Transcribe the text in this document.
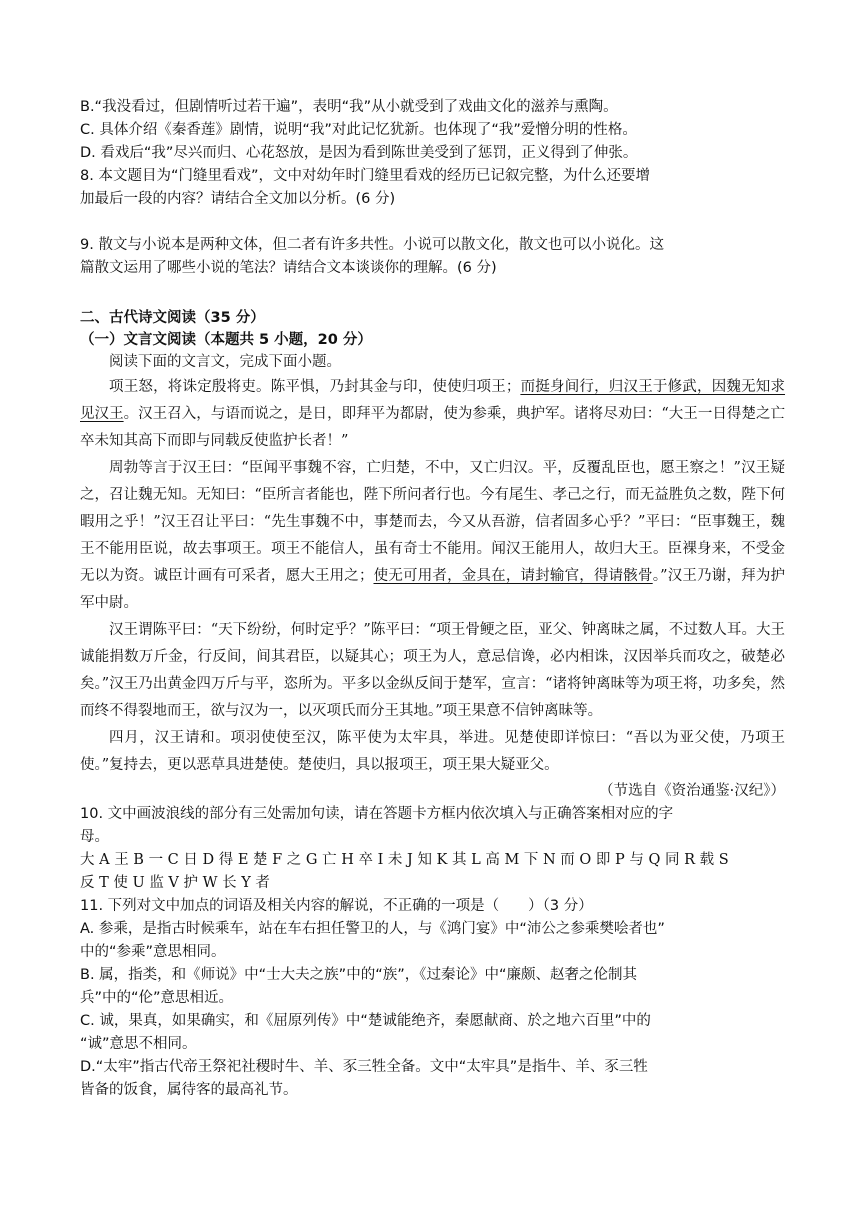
B.“我没看过，但剧情听过若干遍”，表明“我”从小就受到了戏曲文化的滋养与熏陶。

C. 具体介绍《秦香莲》剧情，说明“我”对此记忆犹新。也体现了“我”爱憎分明的性格。

D. 看戏后“我”尽兴而归、心花怒放，是因为看到陈世美受到了惩罚，正义得到了伸张。

8. 本文题目为“门缝里看戏”，文中对幼年时门缝里看戏的经历已记叙完整，为什么还要增

加最后一段的内容？请结合全文加以分析。(6 分)

9. 散文与小说本是两种文体，但二者有许多共性。小说可以散文化，散文也可以小说化。这

篇散文运用了哪些小说的笔法？请结合文本谈谈你的理解。(6 分)

二、古代诗文阅读（35 分）

（一）文言文阅读（本题共 5 小题，20 分）

阅读下面的文言文，完成下面小题。

项王怒，将诛定殷将吏。陈平惧，乃封其金与印，使使归项王；而挺身间行，归汉王于修武，因魏无知求见汉王。汉王召入，与语而说之，是日，即拜平为都尉，使为参乘，典护军。诸将尽劝曰：“大王一日得楚之亡卒未知其高下而即与同载反使监护长者！”

周勃等言于汉王曰：“臣闻平事魏不容，亡归楚，不中，又亡归汉。平，反覆乱臣也，愿王察之！”汉王疑之，召让魏无知。无知曰：“臣所言者能也，陛下所问者行也。今有尾生、孝己之行，而无益胜负之数，陛下何暇用之乎！”汉王召让平曰：“先生事魏不中，事楚而去，今又从吾游，信者固多心乎？”平曰：“臣事魏王，魏王不能用臣说，故去事项王。项王不能信人，虽有奇士不能用。闻汉王能用人，故归大王。臣裸身来，不受金无以为资。诚臣计画有可采者，愿大王用之；使无可用者，金具在，请封输官，得请骸骨。”汉王乃谢，拜为护军中尉。

汉王谓陈平曰：“天下纷纷，何时定乎？”陈平曰：“项王骨鲠之臣，亚父、钟离昧之属，不过数人耳。大王诚能捐数万斤金，行反间，间其君臣，以疑其心；项王为人，意忌信谗，必内相诛，汉因举兵而攻之，破楚必矣。”汉王乃出黄金四万斤与平，恣所为。平多以金纵反间于楚军，宣言：“诸将钟离昧等为项王将，功多矣，然而终不得裂地而王，欲与汉为一，以灭项氏而分王其地。”项王果意不信钟离昧等。

四月，汉王请和。项羽使使至汉，陈平使为太牢具，举进。见楚使即详惊曰：“吾以为亚父使，乃项王使。”复持去，更以恶草具进楚使。楚使归，具以报项王，项王果大疑亚父。

（节选自《资治通鉴·汉纪》）

10. 文中画波浪线的部分有三处需加句读，请在答题卡方框内依次填入与正确答案相对应的字

母。

大 A 王 B 一 C 日 D 得 E 楚 F 之 G 亡 H 卒 I 未 J 知 K 其 L 高 M 下 N 而 O 即 P 与 Q 同 R 载 S

反 T 使 U 监 V 护 W 长 Y 者

11. 下列对文中加点的词语及相关内容的解说，不正确的一项是（　　）（3 分）

A. 参乘，是指古时候乘车，站在车右担任警卫的人，与《鸿门宴》中“沛公之参乘樊哙者也”

中的“参乘”意思相同。

B. 属，指类，和《师说》中“士大夫之族”中的“族”，《过秦论》中“廉颇、赵奢之伦制其

兵”中的“伦”意思相近。

C. 诚，果真，如果确实，和《屈原列传》中“楚诚能绝齐，秦愿献商、於之地六百里”中的

“诚”意思不相同。

D.“太牢”指古代帝王祭祀社稷时牛、羊、豕三牲全备。文中“太牢具”是指牛、羊、豕三牲

皆备的饭食，属待客的最高礼节。
